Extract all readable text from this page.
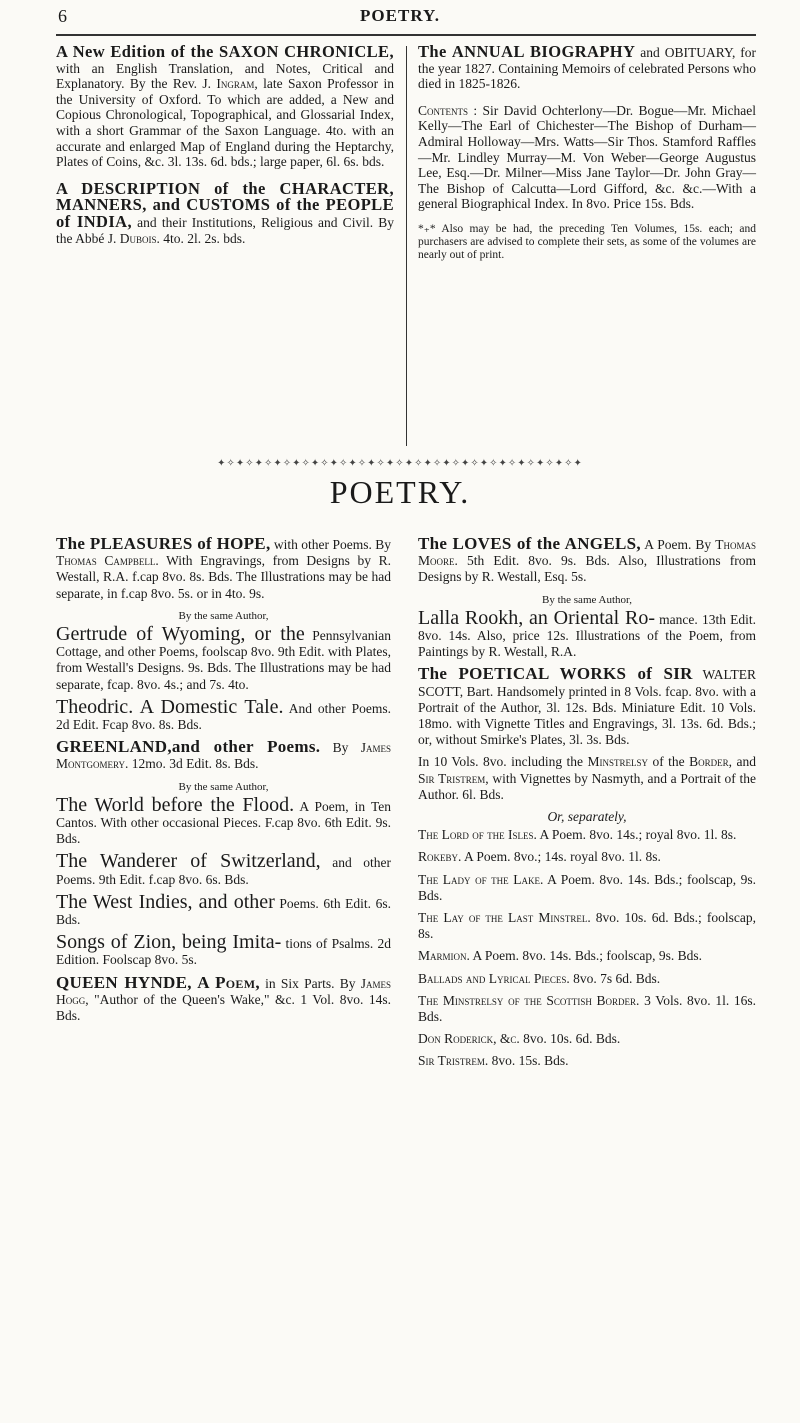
6	POETRY.

A New Edition of the SAXON CHRONICLE, with an English Translation, and Notes, Critical and Explanatory. By the Rev. J. Ingram, late Saxon Professor in the University of Oxford. To which are added, a New and Copious Chronological, Topographical, and Glossarial Index, with a short Grammar of the Saxon Language. 4to. with an accurate and enlarged Map of England during the Heptarchy, Plates of Coins, &c. 3l. 13s. 6d. bds.; large paper, 6l. 6s. bds.

A DESCRIPTION of the CHARACTER, MANNERS, and CUSTOMS of the PEOPLE of INDIA, and their Institutions, Religious and Civil. By the Abbé J. Dubois. 4to. 2l. 2s. bds.

The ANNUAL BIOGRAPHY and OBITUARY, for the year 1827. Containing Memoirs of celebrated Persons who died in 1825-1826.

Contents : Sir David Ochterlony—Dr. Bogue—Mr. Michael Kelly—The Earl of Chichester—The Bishop of Durham—Admiral Holloway—Mrs. Watts—Sir Thos. Stamford Raffles—Mr. Lindley Murray—M. Von Weber—George Augustus Lee, Esq.—Dr. Milner—Miss Jane Taylor—Dr. John Gray—The Bishop of Calcutta—Lord Gifford, &c. &c.—With a general Biographical Index. In 8vo. Price 15s. Bds.

*₊* Also may be had, the preceding Ten Volumes, 15s. each; and purchasers are advised to complete their sets, as some of the volumes are nearly out of print.

✦✧✦✧✦✧✦✧✦✧✦✧✦✧✦✧✦✧✦✧✦✧✦✧✦✧✦✧✦✧✦✧✦✧✦✧✦✧✦
POETRY.

The PLEASURES of HOPE, with other Poems. By Thomas Campbell. With Engravings, from Designs by R. Westall, R.A. f.cap 8vo. 8s. Bds. The Illustrations may be had separate, in f.cap 8vo. 5s. or in 4to. 9s.

By the same Author,

Gertrude of Wyoming, or the Pennsylvanian Cottage, and other Poems, foolscap 8vo. 9th Edit. with Plates, from Westall's Designs. 9s. Bds. The Illustrations may be had separate, fcap. 8vo. 4s.; and 7s. 4to.

Theodric. A Domestic Tale. And other Poems. 2d Edit. Fcap 8vo. 8s. Bds.

GREENLAND,and other Poems. By James Montgomery. 12mo. 3d Edit. 8s. Bds.

By the same Author,

The World before the Flood. A Poem, in Ten Cantos. With other occasional Pieces. F.cap 8vo. 6th Edit. 9s. Bds.

The Wanderer of Switzerland, and other Poems. 9th Edit. f.cap 8vo. 6s. Bds.

The West Indies, and other Poems. 6th Edit. 6s. Bds.

Songs of Zion, being Imita- tions of Psalms. 2d Edition. Foolscap 8vo. 5s.

QUEEN HYNDE, A Poem, in Six Parts. By James Hogg, "Author of the Queen's Wake," &c. 1 Vol. 8vo. 14s. Bds.

The LOVES of the ANGELS, A Poem. By Thomas Moore. 5th Edit. 8vo. 9s. Bds. Also, Illustrations from Designs by R. Westall, Esq. 5s.

By the same Author,

Lalla Rookh, an Oriental Ro- mance. 13th Edit. 8vo. 14s. Also, price 12s. Illustrations of the Poem, from Paintings by R. Westall, R.A.

The POETICAL WORKS of SIR WALTER SCOTT, Bart. Handsomely printed in 8 Vols. fcap. 8vo. with a Portrait of the Author, 3l. 12s. Bds. Miniature Edit. 10 Vols. 18mo. with Vignette Titles and Engravings, 3l. 13s. 6d. Bds.; or, without Smirke's Plates, 3l. 3s. Bds.

In 10 Vols. 8vo. including the Minstrelsy of the Border, and Sir Tristrem, with Vignettes by Nasmyth, and a Portrait of the Author. 6l. Bds.

Or, separately,

The Lord of the Isles. A Poem. 8vo. 14s.; royal 8vo. 1l. 8s.

Rokeby. A Poem. 8vo.; 14s. royal 8vo. 1l. 8s.

The Lady of the Lake. A Poem. 8vo. 14s. Bds.; foolscap, 9s. Bds.

The Lay of the Last Minstrel. 8vo. 10s. 6d. Bds.; foolscap, 8s.

Marmion. A Poem. 8vo. 14s. Bds.; foolscap, 9s. Bds.

Ballads and Lyrical Pieces. 8vo. 7s 6d. Bds.

The Minstrelsy of the Scottish Border. 3 Vols. 8vo. 1l. 16s. Bds.

Don Roderick, &c. 8vo. 10s. 6d. Bds.

Sir Tristrem. 8vo. 15s. Bds.
